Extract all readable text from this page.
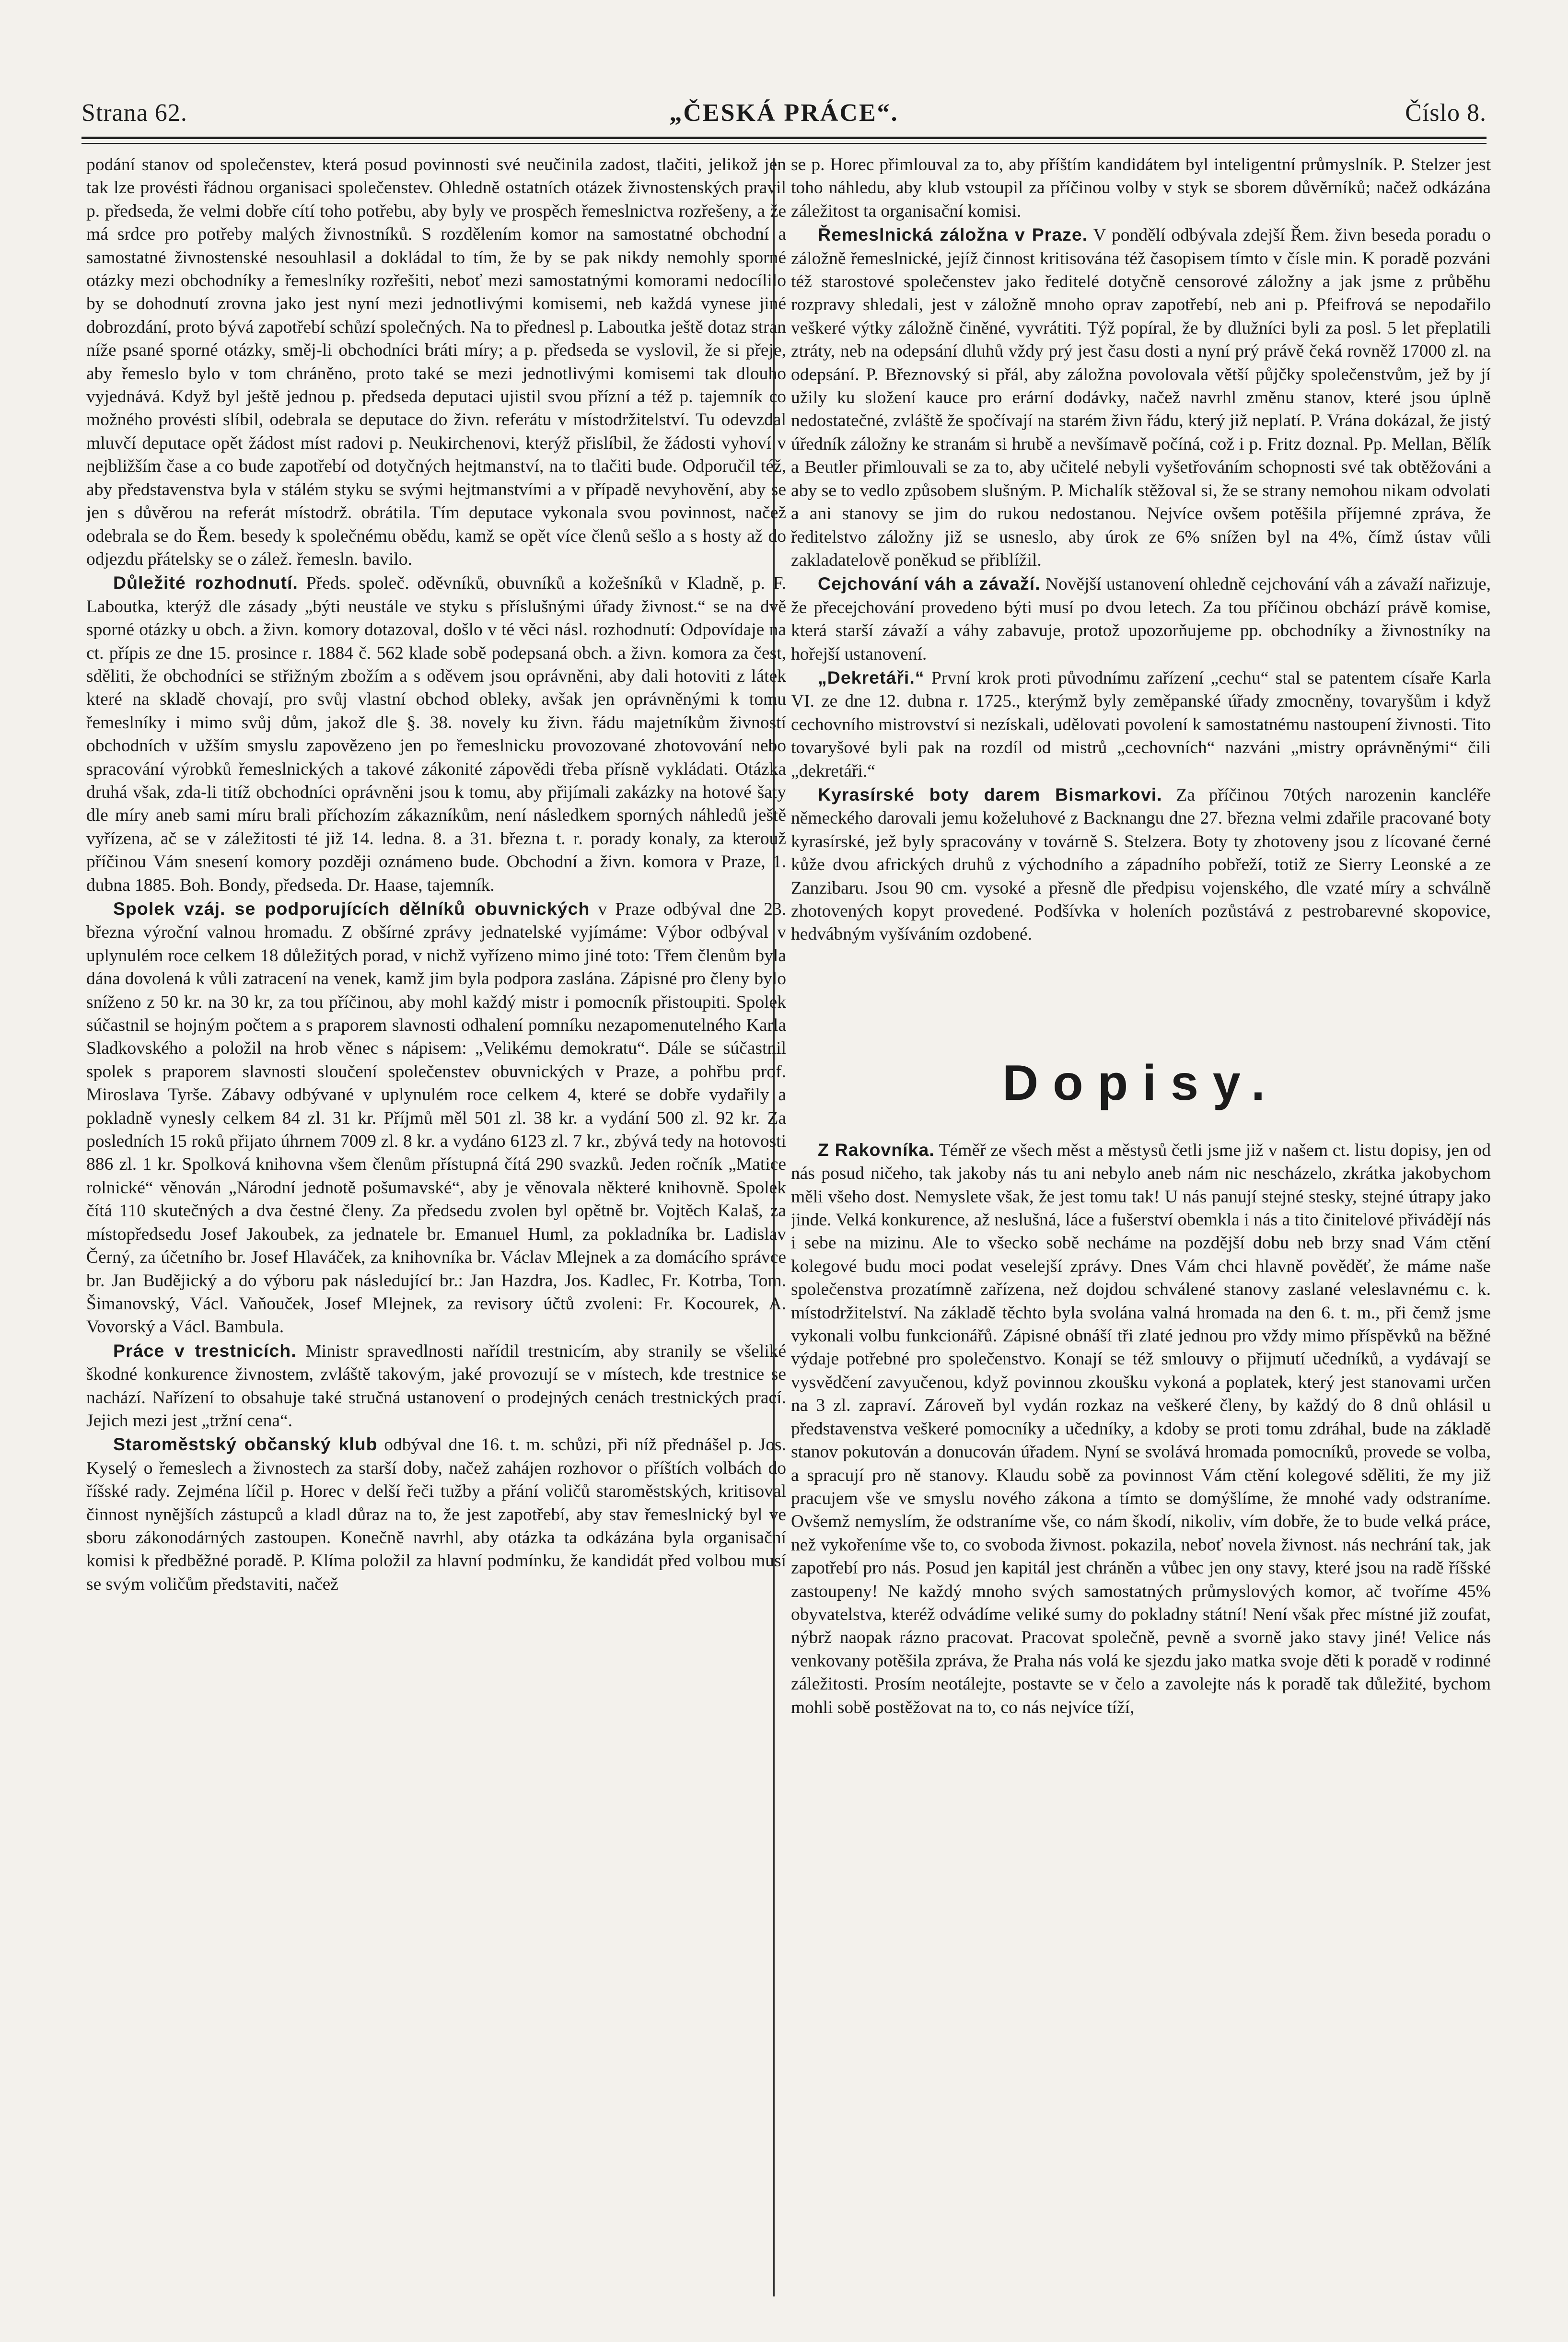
Strana 62.	„ČESKÁ PRÁCE“.	Číslo 8.

podání stanov od společenstev, která posud povinnosti své neučinila zadost, tlačiti, jelikož jen tak lze provésti řádnou organisaci společenstev. Ohledně ostatních otázek živnostenských pravil p. předseda, že velmi dobře cítí toho potřebu, aby byly ve prospěch řemeslnictva rozřešeny, a že má srdce pro potřeby malých živnostníků. S rozdělením komor na samostatné obchodní a samostatné živnostenské nesouhlasil a dokládal to tím, že by se pak nikdy nemohly sporné otázky mezi obchodníky a řemeslníky rozřešiti, neboť mezi samostatnými komorami nedocílilo by se dohodnutí zrovna jako jest nyní mezi jednotlivými komisemi, neb každá vynese jiné dobrozdání, proto bývá zapotřebí schůzí společných. Na to přednesl p. Laboutka ještě dotaz stran níže psané sporné otázky, směj-li obchodníci bráti míry; a p. předseda se vyslovil, že si přeje, aby řemeslo bylo v tom chráněno, proto také se mezi jednotlivými komisemi tak dlouho vyjednává. Když byl ještě jednou p. předseda deputaci ujistil svou přízní a též p. tajemník co možného provésti slíbil, odebrala se deputace do živn. referátu v místodržitelství. Tu odevzdal mluvčí deputace opět žádost míst radovi p. Neukirchenovi, kterýž přislíbil, že žádosti vyhoví v nejbližším čase a co bude zapotřebí od dotyčných hejtmanství, na to tlačiti bude. Odporučil též, aby představenstva byla v stálém styku se svými hejtmanstvími a v případě nevyhovění, aby se jen s důvěrou na referát místodrž. obrátila. Tím deputace vykonala svou povinnost, načež odebrala se do Řem. besedy k společnému obědu, kamž se opět více členů sešlo a s hosty až do odjezdu přátelsky se o zálež. řemesln. bavilo.

Důležité rozhodnutí. Předs. společ. oděvníků, obuvníků a kožešníků v Kladně, p. F. Laboutka, kterýž dle zásady „býti neustále ve styku s příslušnými úřady živnost.“ se na dvě sporné otázky u obch. a živn. komory dotazoval, došlo v té věci násl. rozhodnutí: Odpovídaje na ct. přípis ze dne 15. prosince r. 1884 č. 562 klade sobě podepsaná obch. a živn. komora za čest, sděliti, že obchodníci se střižným zbožím a s oděvem jsou oprávněni, aby dali hotoviti z látek které na skladě chovají, pro svůj vlastní obchod obleky, avšak jen oprávněnými k tomu řemeslníky i mimo svůj dům, jakož dle §. 38. novely ku živn. řádu majetníkům živností obchodních v užším smyslu zapovězeno jen po řemeslnicku provozované zhotovování nebo spracování výrobků řemeslnických a takové zákonité zápovědi třeba přísně vykládati. Otázka druhá však, zda-li titíž obchodníci oprávněni jsou k tomu, aby přijímali zakázky na hotové šaty dle míry aneb sami míru brali příchozím zákazníkům, není následkem sporných náhledů ještě vyřízena, ač se v záležitosti té již 14. ledna. 8. a 31. března t. r. porady konaly, za kterouž příčinou Vám snesení komory později oznámeno bude. Obchodní a živn. komora v Praze, 1. dubna 1885. Boh. Bondy, předseda. Dr. Haase, tajemník.

Spolek vzáj. se podporujících dělníků obuvnických v Praze odbýval dne 23. března výroční valnou hromadu. Z obšírné zprávy jednatelské vyjímáme: Výbor odbýval v uplynulém roce celkem 18 důležitých porad, v nichž vyřízeno mimo jiné toto: Třem členům byla dána dovolená k vůli zatracení na venek, kamž jim byla podpora zaslána. Zápisné pro členy bylo sníženo z 50 kr. na 30 kr, za tou příčinou, aby mohl každý mistr i pomocník přistoupiti. Spolek súčastnil se hojným počtem a s praporem slavnosti odhalení pomníku nezapomenutelného Karla Sladkovského a položil na hrob věnec s nápisem: „Velikému demokratu“. Dále se súčastnil spolek s praporem slavnosti sloučení společenstev obuvnických v Praze, a pohřbu prof. Miroslava Tyrše. Zábavy odbývané v uplynulém roce celkem 4, které se dobře vydařily a pokladně vynesly celkem 84 zl. 31 kr. Příjmů měl 501 zl. 38 kr. a vydání 500 zl. 92 kr. Za posledních 15 roků přijato úhrnem 7009 zl. 8 kr. a vydáno 6123 zl. 7 kr., zbývá tedy na hotovosti 886 zl. 1 kr. Spolková knihovna všem členům přístupná čítá 290 svazků. Jeden ročník „Matice rolnické“ věnován „Národní jednotě pošumavské“, aby je věnovala některé knihovně. Spolek čítá 110 skutečných a dva čestné členy. Za předsedu zvolen byl opětně br. Vojtěch Kalaš, za místopředsedu Josef Jakoubek, za jednatele br. Emanuel Huml, za pokladníka br. Ladislav Černý, za účetního br. Josef Hlaváček, za knihovníka br. Václav Mlejnek a za domácího správce br. Jan Budějický a do výboru pak následující br.: Jan Hazdra, Jos. Kadlec, Fr. Kotrba, Tom. Šimanovský, Václ. Vaňouček, Josef Mlejnek, za revisory účtů zvoleni: Fr. Kocourek, A. Vovorský a Václ. Bambula.

Práce v trestnicích. Ministr spravedlnosti nařídil trestnicím, aby stranily se všeliké škodné konkurence živnostem, zvláště takovým, jaké provozují se v místech, kde trestnice se nachází. Nařízení to obsahuje také stručná ustanovení o prodejných cenách trestnických prací. Jejich mezi jest „tržní cena“.

Staroměstský občanský klub odbýval dne 16. t. m. schůzi, při níž přednášel p. Jos. Kyselý o řemeslech a živnostech za starší doby, načež zahájen rozhovor o příštích volbách do říšské rady. Zejména líčil p. Horec v delší řeči tužby a přání voličů staroměstských, kritisoval činnost nynějších zástupců a kladl důraz na to, že jest zapotřebí, aby stav řemeslnický byl ve sboru zákonodárných zastoupen. Konečně navrhl, aby otázka ta odkázána byla organisační komisi k předběžné poradě. P. Klíma položil za hlavní podmínku, že kandidát před volbou musí se svým voličům představiti, načež

se p. Horec přimlouval za to, aby příštím kandidátem byl inteligentní průmyslník. P. Stelzer jest toho náhledu, aby klub vstoupil za příčinou volby v styk se sborem důvěrníků; načež odkázána záležitost ta organisační komisi.

Řemeslnická záložna v Praze. V pondělí odbývala zdejší Řem. živn beseda poradu o záložně řemeslnické, jejíž činnost kritisována též časopisem tímto v čísle min. K poradě pozváni též starostové společenstev jako ředitelé dotyčně censorové záložny a jak jsme z průběhu rozpravy shledali, jest v záložně mnoho oprav zapotřebí, neb ani p. Pfeifrová se nepodařilo veškeré výtky záložně činěné, vyvrátiti. Týž popíral, že by dlužníci byli za posl. 5 let přeplatili ztráty, neb na odepsání dluhů vždy prý jest času dosti a nyní prý právě čeká rovněž 17000 zl. na odepsání. P. Březnovský si přál, aby záložna povolovala větší půjčky společenstvům, jež by jí užily ku složení kauce pro erární dodávky, načež navrhl změnu stanov, které jsou úplně nedostatečné, zvláště že spočívají na starém živn řádu, který již neplatí. P. Vrána dokázal, že jistý úředník záložny ke stranám si hrubě a nevšímavě počíná, což i p. Fritz doznal. Pp. Mellan, Bělík a Beutler přimlouvali se za to, aby učitelé nebyli vyšetřováním schopnosti své tak obtěžováni a aby se to vedlo způsobem slušným. P. Michalík stěžoval si, že se strany nemohou nikam odvolati a ani stanovy se jim do rukou nedostanou. Nejvíce ovšem potěšila příjemné zpráva, že ředitelstvo záložny již se usneslo, aby úrok ze 6% snížen byl na 4%, čímž ústav vůli zakladatelově poněkud se přiblížil.

Cejchování váh a závaží. Novější ustanovení ohledně cejchování váh a závaží nařizuje, že přecejchování provedeno býti musí po dvou letech. Za tou příčinou obchází právě komise, která starší závaží a váhy zabavuje, protož upozorňujeme pp. obchodníky a živnostníky na hořejší ustanovení.

„Dekretáři.“ První krok proti původnímu zařízení „cechu“ stal se patentem císaře Karla VI. ze dne 12. dubna r. 1725., kterýmž byly zeměpanské úřady zmocněny, tovaryšům i když cechovního mistrovství si nezískali, udělovati povolení k samostatnému nastoupení živnosti. Tito tovaryšové byli pak na rozdíl od mistrů „cechovních“ nazváni „mistry oprávněnými“ čili „dekretáři.“

Kyrasírské boty darem Bismarkovi. Za příčinou 70tých narozenin kancléře německého darovali jemu koželuhové z Backnangu dne 27. března velmi zdařile pracované boty kyrasírské, jež byly spracovány v továrně S. Stelzera. Boty ty zhotoveny jsou z lícované černé kůže dvou afrických druhů z východního a západního pobřeží, totiž ze Sierry Leonské a ze Zanzibaru. Jsou 90 cm. vysoké a přesně dle předpisu vojenského, dle vzaté míry a schválně zhotovených kopyt provedené. Podšívka v holeních pozůstává z pestrobarevné skopovice, hedvábným vyšíváním ozdobené.

Dopisy.

Z Rakovníka. Téměř ze všech měst a městysů četli jsme již v našem ct. listu dopisy, jen od nás posud ničeho, tak jakoby nás tu ani nebylo aneb nám nic nescházelo, zkrátka jakobychom měli všeho dost. Nemyslete však, že jest tomu tak! U nás panují stejné stesky, stejné útrapy jako jinde. Velká konkurence, až neslušná, láce a fušerství obemkla i nás a tito činitelové přivádějí nás i sebe na mizinu. Ale to všecko sobě necháme na pozdější dobu neb brzy snad Vám ctění kolegové budu moci podat veselejší zprávy. Dnes Vám chci hlavně pověděť, že máme naše společenstva prozatímně zařízena, než dojdou schválené stanovy zaslané veleslavnému c. k. místodržitelství. Na základě těchto byla svolána valná hromada na den 6. t. m., při čemž jsme vykonali volbu funkcionářů. Zápisné obnáší tři zlaté jednou pro vždy mimo příspěvků na běžné výdaje potřebné pro společenstvo. Konají se též smlouvy o přijmutí učedníků, a vydávají se vysvědčení zavyučenou, když povinnou zkoušku vykoná a poplatek, který jest stanovami určen na 3 zl. zapraví. Zároveň byl vydán rozkaz na veškeré členy, by každý do 8 dnů ohlásil u představenstva veškeré pomocníky a učedníky, a kdoby se proti tomu zdráhal, bude na základě stanov pokutován a donucován úřadem. Nyní se svolává hromada pomocníků, provede se volba, a spracují pro ně stanovy. Klaudu sobě za povinnost Vám ctění kolegové sděliti, že my již pracujem vše ve smyslu nového zákona a tímto se domýšlíme, že mnohé vady odstraníme. Ovšemž nemyslím, že odstraníme vše, co nám škodí, nikoliv, vím dobře, že to bude velká práce, než vykořeníme vše to, co svoboda živnost. pokazila, neboť novela živnost. nás nechrání tak, jak zapotřebí pro nás. Posud jen kapitál jest chráněn a vůbec jen ony stavy, které jsou na radě říšské zastoupeny! Ne každý mnoho svých samostatných průmyslových komor, ač tvoříme 45% obyvatelstva, kteréž odvádíme veliké sumy do pokladny státní! Není však přec místné již zoufat, nýbrž naopak rázno pracovat. Pracovat společně, pevně a svorně jako stavy jiné! Velice nás venkovany potěšila zpráva, že Praha nás volá ke sjezdu jako matka svoje děti k poradě v rodinné záležitosti. Prosím neotálejte, postavte se v čelo a zavolejte nás k poradě tak důležité, bychom mohli sobě postěžovat na to, co nás nejvíce tíží,
